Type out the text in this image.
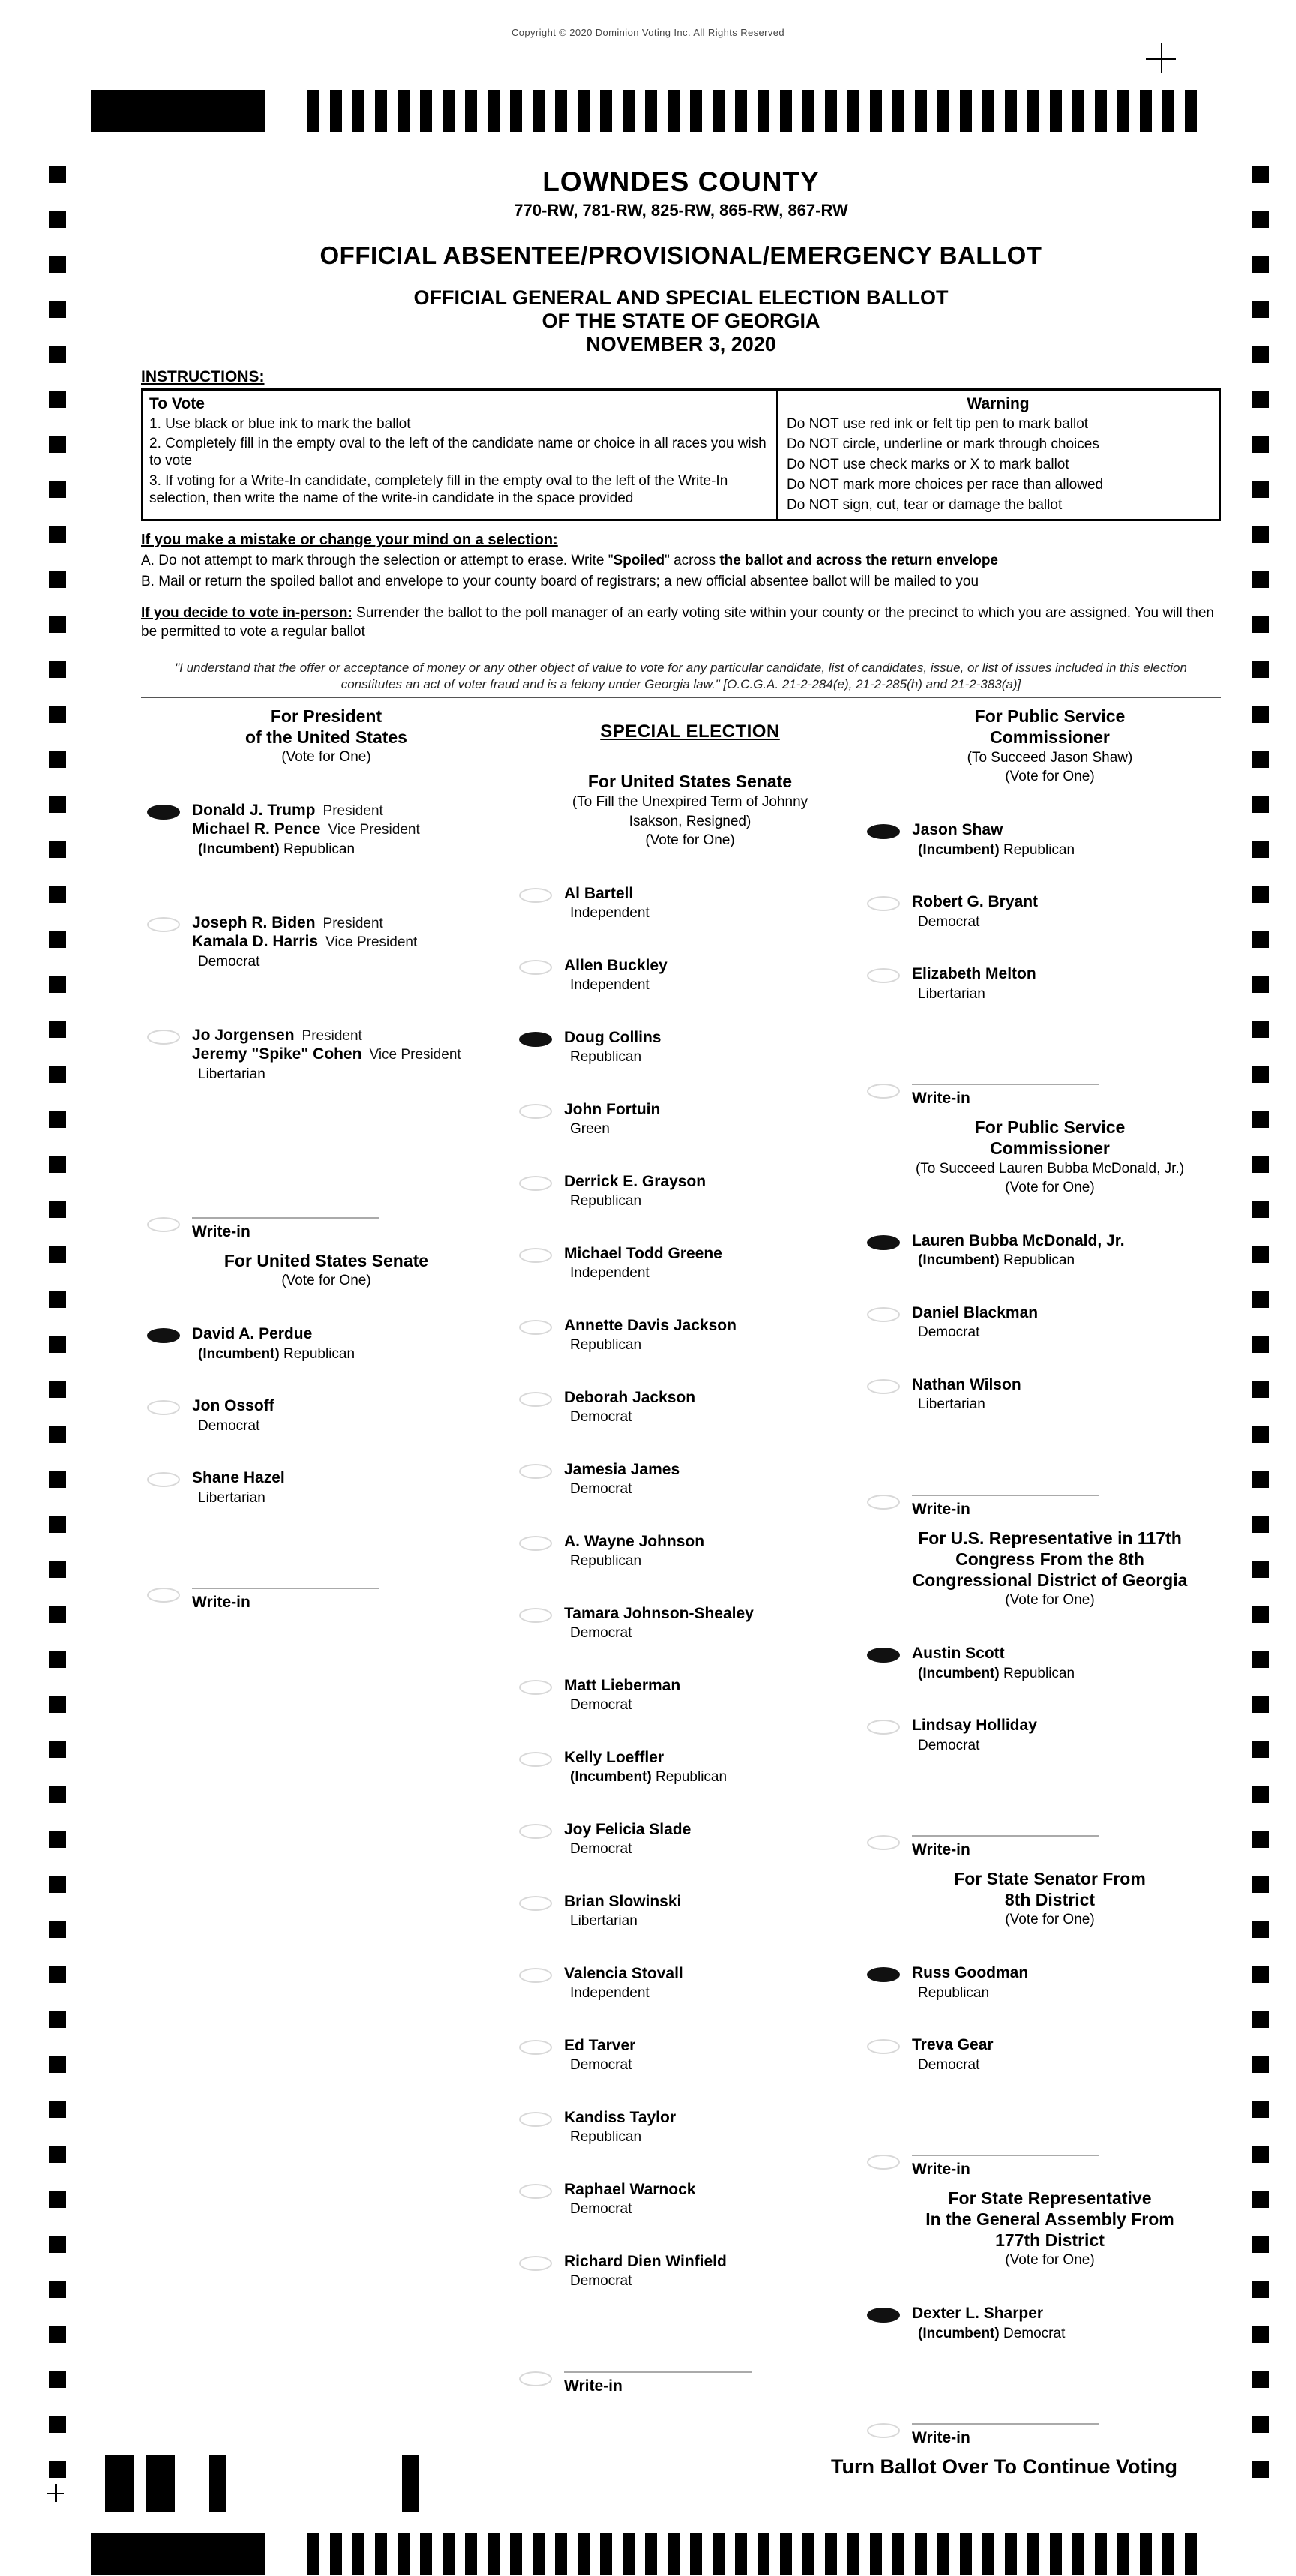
Copyright © 2020 Dominion Voting Inc. All Rights Reserved
LOWNDES COUNTY
770-RW, 781-RW, 825-RW, 865-RW, 867-RW
OFFICIAL ABSENTEE/PROVISIONAL/EMERGENCY BALLOT
OFFICIAL GENERAL AND SPECIAL ELECTION BALLOT
OF THE STATE OF GEORGIA
NOVEMBER 3, 2020
INSTRUCTIONS:
To Vote
1. Use black or blue ink to mark the ballot
2. Completely fill in the empty oval to the left of the candidate name or choice in all races you wish to vote
3. If voting for a Write-In candidate, completely fill in the empty oval to the left of the Write-In selection, then write the name of the write-in candidate in the space provided
Warning
Do NOT use red ink or felt tip pen to mark ballot
Do NOT circle, underline or mark through choices
Do NOT use check marks or X to mark ballot
Do NOT mark more choices per race than allowed
Do NOT sign, cut, tear or damage the ballot
If you make a mistake or change your mind on a selection:
A. Do not attempt to mark through the selection or attempt to erase. Write "Spoiled" across the ballot and across the return envelope
B. Mail or return the spoiled ballot and envelope to your county board of registrars; a new official absentee ballot will be mailed to you
If you decide to vote in-person: Surrender the ballot to the poll manager of an early voting site within your county or the precinct to which you are assigned. You will then be permitted to vote a regular ballot
"I understand that the offer or acceptance of money or any other object of value to vote for any particular candidate, list of candidates, issue, or list of issues included in this election constitutes an act of voter fraud and is a felony under Georgia law." [O.C.G.A. 21-2-284(e), 21-2-285(h) and 21-2-383(a)]
For President
of the United States
(Vote for One)
Donald J. Trump President
Michael R. Pence Vice President
(Incumbent) Republican
Joseph R. Biden President
Kamala D. Harris Vice President
Democrat
Jo Jorgensen President
Jeremy "Spike" Cohen Vice President
Libertarian
Write-in
For United States Senate
(Vote for One)
David A. Perdue
(Incumbent) Republican
Jon Ossoff
Democrat
Shane Hazel
Libertarian
Write-in
SPECIAL ELECTION
For United States Senate
(To Fill the Unexpired Term of Johnny
Isakson, Resigned)
(Vote for One)
Al Bartell
Independent
Allen Buckley
Independent
Doug Collins
Republican
John Fortuin
Green
Derrick E. Grayson
Republican
Michael Todd Greene
Independent
Annette Davis Jackson
Republican
Deborah Jackson
Democrat
Jamesia James
Democrat
A. Wayne Johnson
Republican
Tamara Johnson-Shealey
Democrat
Matt Lieberman
Democrat
Kelly Loeffler
(Incumbent) Republican
Joy Felicia Slade
Democrat
Brian Slowinski
Libertarian
Valencia Stovall
Independent
Ed Tarver
Democrat
Kandiss Taylor
Republican
Raphael Warnock
Democrat
Richard Dien Winfield
Democrat
Write-in
For Public Service
Commissioner
(To Succeed Jason Shaw)
(Vote for One)
Jason Shaw
(Incumbent) Republican
Robert G. Bryant
Democrat
Elizabeth Melton
Libertarian
Write-in
For Public Service
Commissioner
(To Succeed Lauren Bubba McDonald, Jr.)
(Vote for One)
Lauren Bubba McDonald, Jr.
(Incumbent) Republican
Daniel Blackman
Democrat
Nathan Wilson
Libertarian
Write-in
For U.S. Representative in 117th
Congress From the 8th
Congressional District of Georgia
(Vote for One)
Austin Scott
(Incumbent) Republican
Lindsay Holliday
Democrat
Write-in
For State Senator From
8th District
(Vote for One)
Russ Goodman
Republican
Treva Gear
Democrat
Write-in
For State Representative
In the General Assembly From
177th District
(Vote for One)
Dexter L. Sharper
(Incumbent) Democrat
Write-in
Turn Ballot Over To Continue Voting
